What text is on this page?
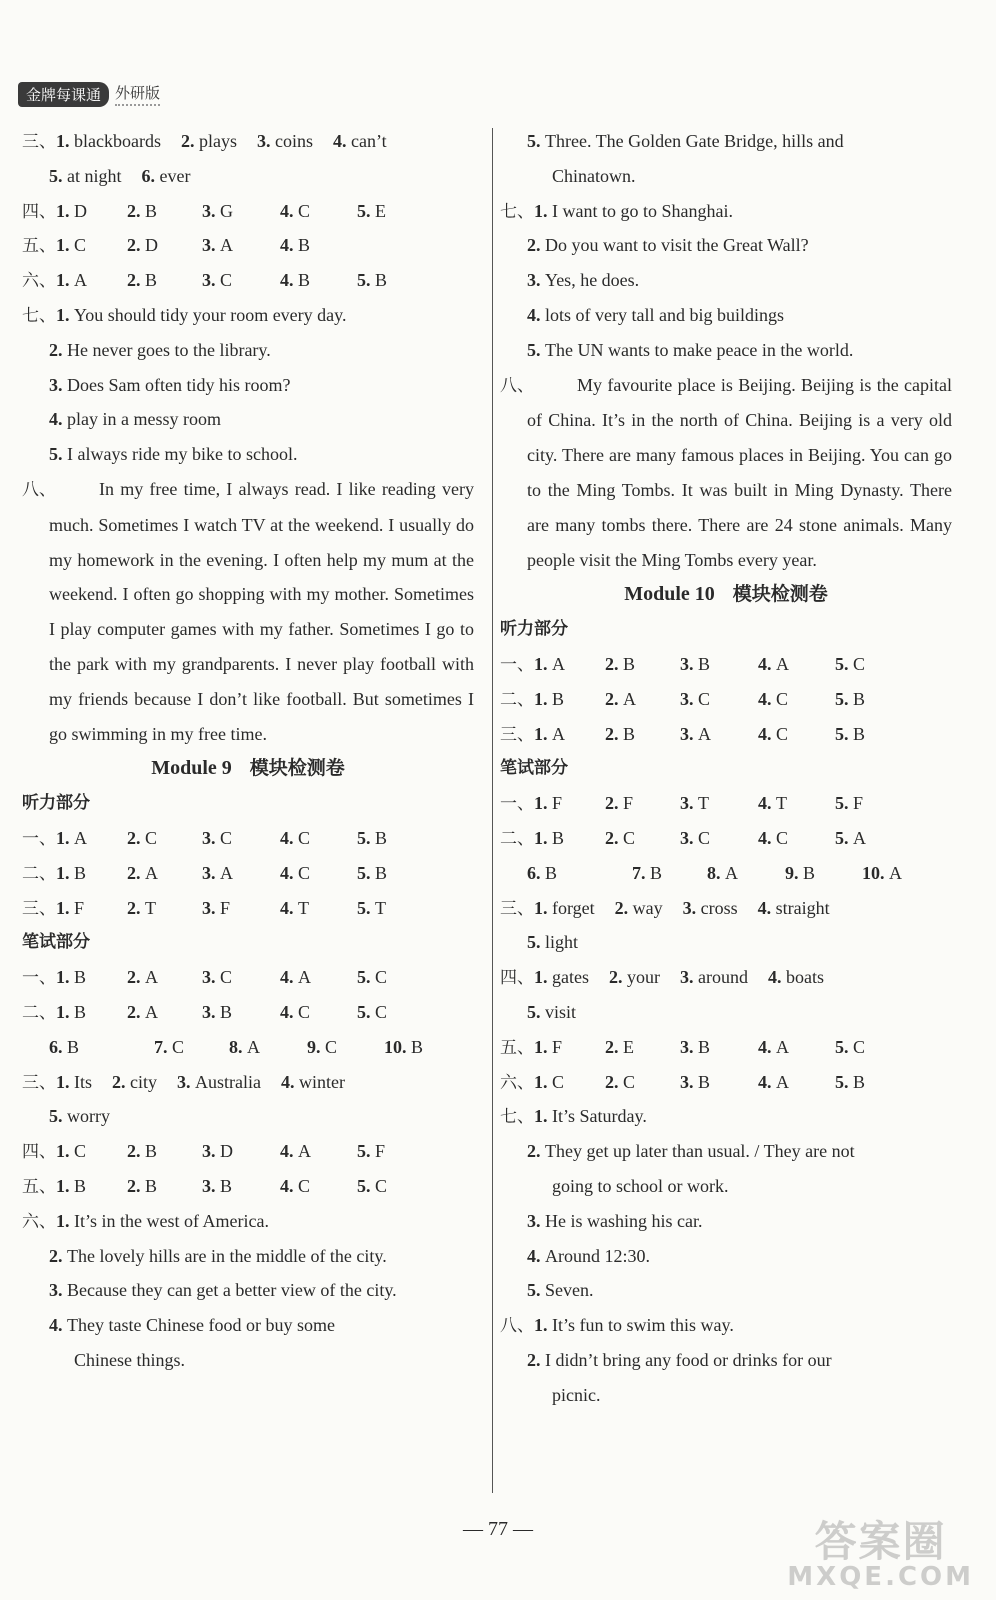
金牌每课通 外研版
三、1. blackboards 2. plays 3. coins 4. can’t
5. at night 6. ever
四、1. D 2. B 3. G	4. C	5. E
五、1. C 2. D 3. A	4. B
六、1. A 2. B 3. C	4. B	5. B
七、1. You should tidy your room every day.
2. He never goes to the library.
3. Does Sam often tidy his room?
4. play in a messy room
5. I always ride my bike to school.
八、 In my free time, I always read. I like reading very much. Sometimes I watch TV at the weekend. I usually do my homework in the evening. I often help my mum at the weekend. I often go shopping with my mother. Sometimes I play computer games with my father. Sometimes I go to the park with my grandparents. I never play football with my friends because I don’t like football. But sometimes I go swimming in my free time.
Module 9 模块检测卷
听力部分
一、1. A 2. C 3. C	4. C	5. B
二、1. B 2. A 3. A	4. C	5. B
三、1. F 2. T	3. F	4. T	5. T
笔试部分
一、1. B 2. A 3. C	4. A	5. C
二、1. B 2. A 3. B	4. C	5. C
6. B	7. C 8. A	9. C	10. B
三、1. Its 2. city 3. Australia 4. winter
5. worry
四、1. C 2. B 3. D	4. A	5. F
五、1. B 2. B 3. B	4. C	5. C
六、1. It’s in the west of America.
2. The lovely hills are in the middle of the city.
3. Because they can get a better view of the city.
4. They taste Chinese food or buy some
Chinese things.
5. Three. The Golden Gate Bridge, hills and
Chinatown.
七、1. I want to go to Shanghai.
2. Do you want to visit the Great Wall?
3. Yes, he does.
4. lots of very tall and big buildings
5. The UN wants to make peace in the world.
八、 My favourite place is Beijing. Beijing is the capital of China. It’s in the north of China. Beijing is a very old city. There are many famous places in Beijing. You can go to the Ming Tombs. It was built in Ming Dynasty. There are many tombs there. There are 24 stone animals. Many people visit the Ming Tombs every year.
Module 10 模块检测卷
听力部分
一、1. A 2. B 3. B	4. A	5. C
二、1. B 2. A 3. C	4. C	5. B
三、1. A 2. B 3. A	4. C	5. B
笔试部分
一、1. F 2. F	3. T	4. T	5. F
二、1. B 2. C 3. C	4. C	5. A
6. B	7. B 8. A	9. B	10. A
三、1. forget 2. way 3. cross 4. straight
5. light
四、1. gates 2. your 3. around 4. boats
5. visit
五、1. F 2. E	3. B	4. A	5. C
六、1. C 2. C 3. B	4. A	5. B
七、1. It’s Saturday.
2. They get up later than usual. / They are not
going to school or work.
3. He is washing his car.
4. Around 12:30.
5. Seven.
八、1. It’s fun to swim this way.
2. I didn’t bring any food or drinks for our
picnic.
— 77 —	答案圈
MXQE.COM
